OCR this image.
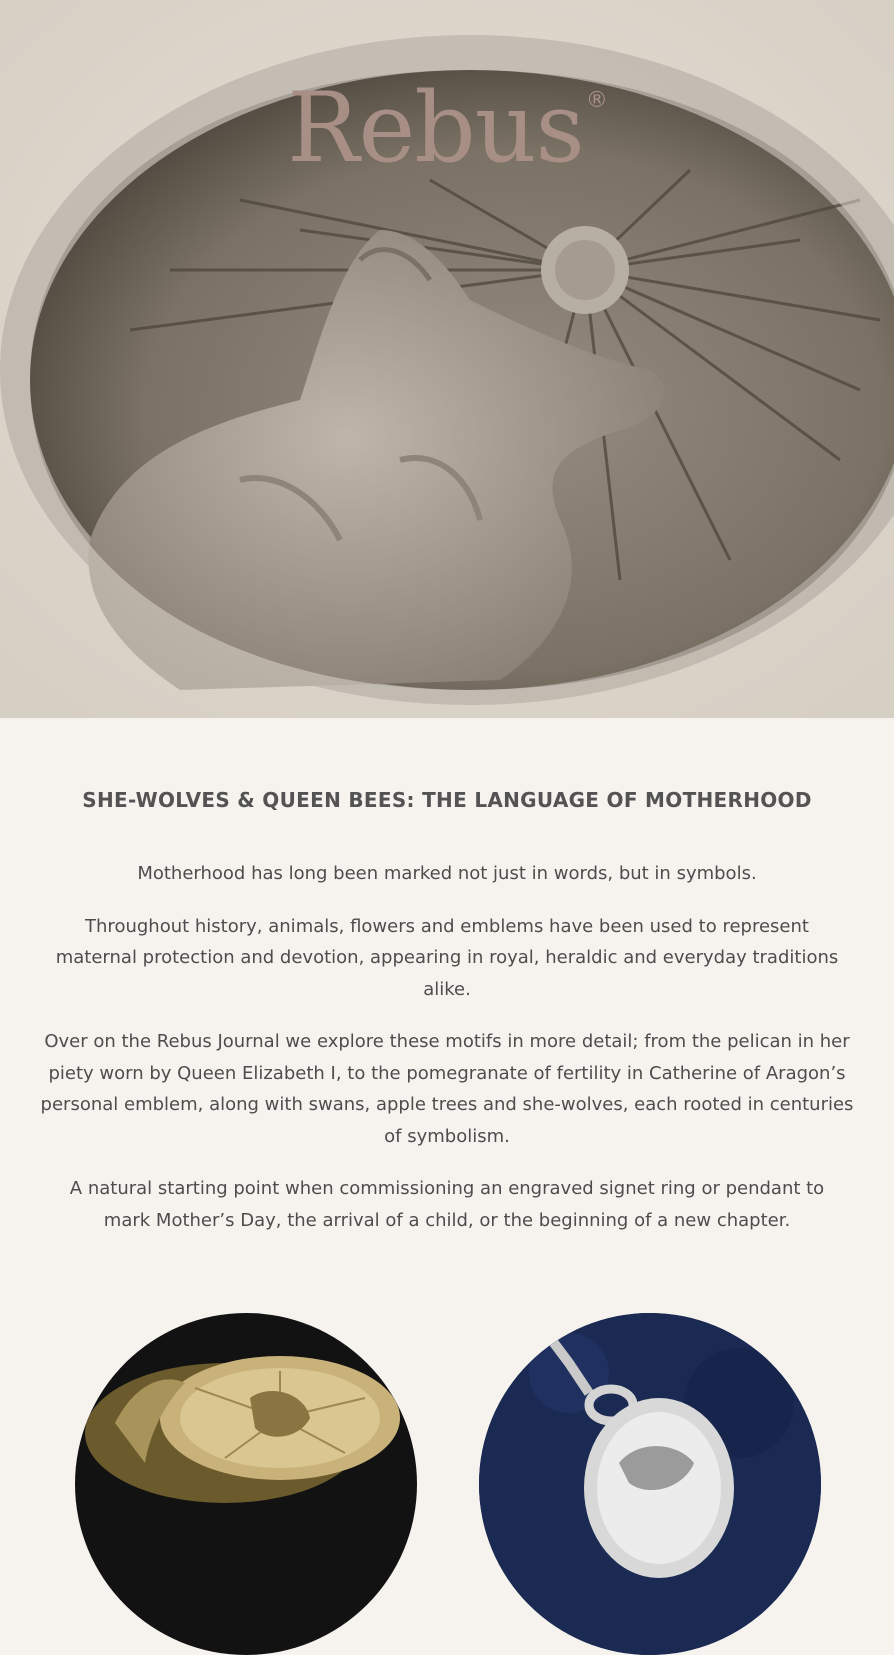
Rebus®
SHE-WOLVES & QUEEN BEES: THE LANGUAGE OF MOTHERHOOD

Motherhood has long been marked not just in words, but in symbols.

Throughout history, animals, flowers and emblems have been used to represent maternal protection and devotion, appearing in royal, heraldic and everyday traditions alike.

Over on the Rebus Journal we explore these motifs in more detail; from the pelican in her piety worn by Queen Elizabeth I, to the pomegranate of fertility in Catherine of Aragon’s personal emblem, along with swans, apple trees and she-wolves, each rooted in centuries of symbolism.

A natural starting point when commissioning an engraved signet ring or pendant to mark Mother’s Day, the arrival of a child, or the beginning of a new chapter.
